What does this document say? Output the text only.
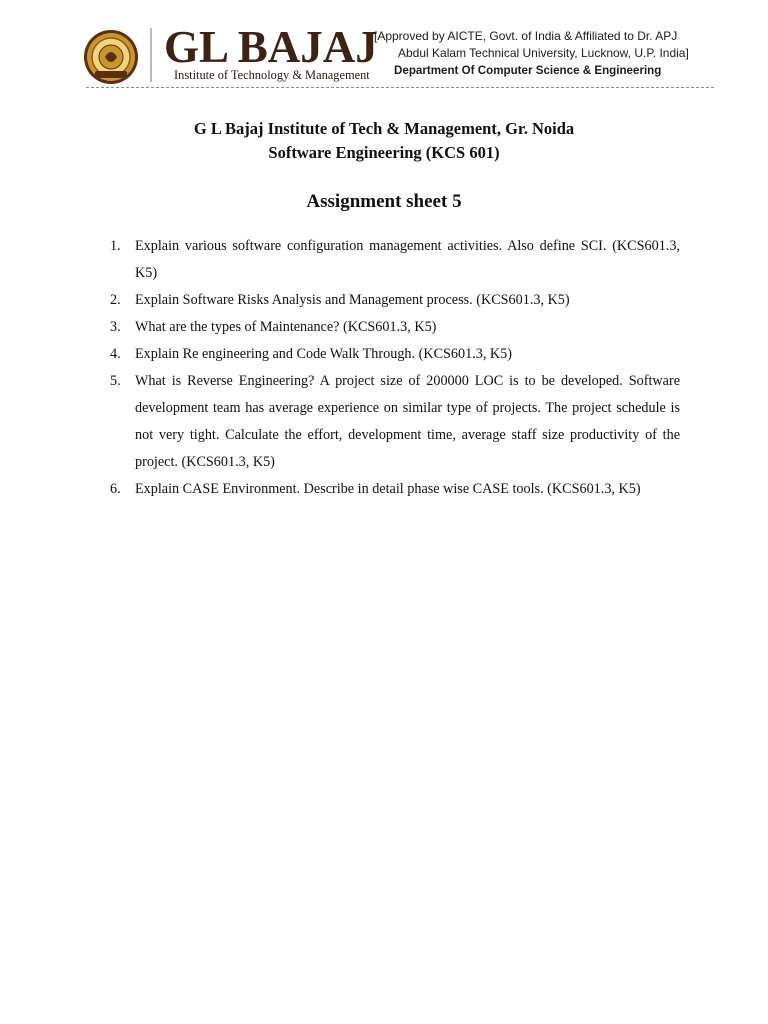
GL BAJAJ
Institute of Technology & Management
[Approved by AICTE, Govt. of India & Affiliated to Dr. APJ
Abdul Kalam Technical University, Lucknow, U.P. India]
Department Of Computer Science & Engineering
G L Bajaj Institute of Tech & Management, Gr. Noida
Software Engineering (KCS 601)
Assignment sheet 5
1. Explain various software configuration management activities. Also define SCI. (KCS601.3, K5)
2. Explain Software Risks Analysis and Management process. (KCS601.3, K5)
3. What are the types of Maintenance? (KCS601.3, K5)
4. Explain Re engineering and Code Walk Through. (KCS601.3, K5)
5. What is Reverse Engineering? A project size of 200000 LOC is to be developed. Software development team has average experience on similar type of projects. The project schedule is not very tight. Calculate the effort, development time, average staff size productivity of the project. (KCS601.3, K5)
6. Explain CASE Environment. Describe in detail phase wise CASE tools. (KCS601.3, K5)
